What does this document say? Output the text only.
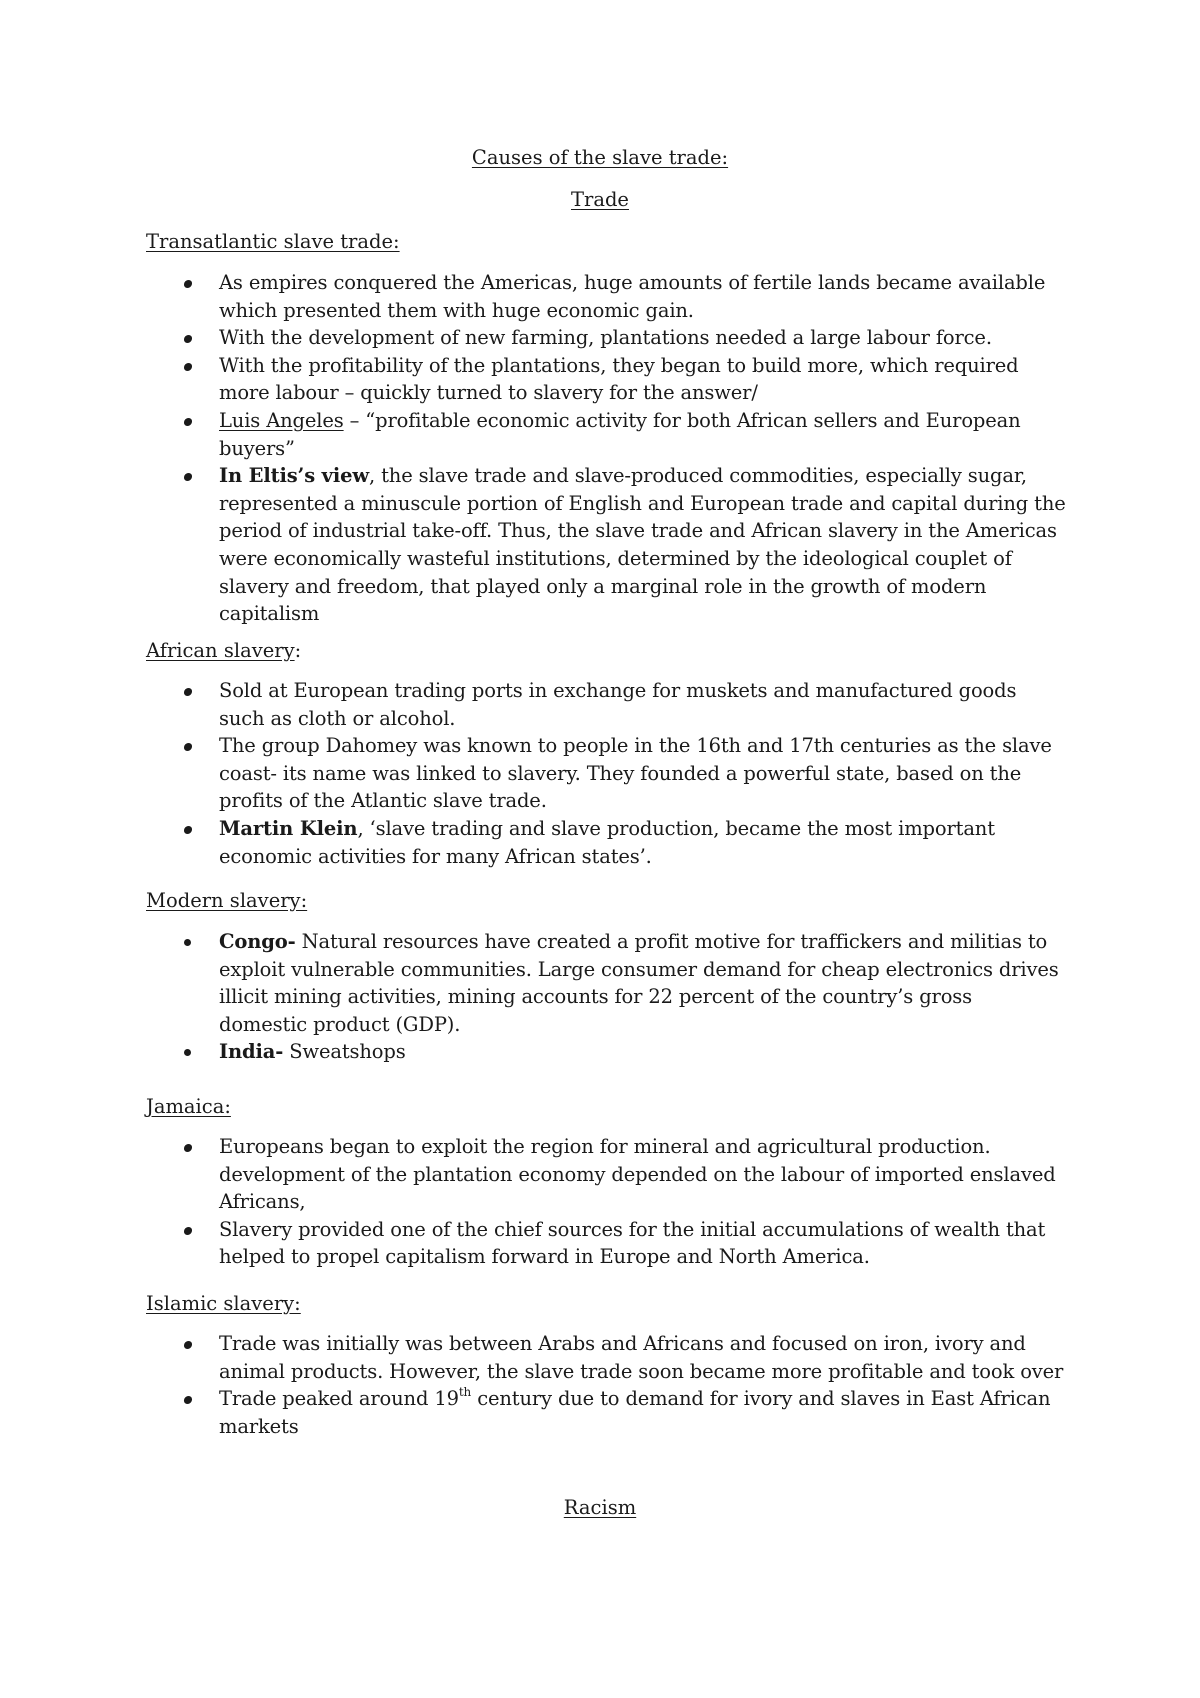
Causes of the slave trade:
Trade
Transatlantic slave trade:
As empires conquered the Americas, huge amounts of fertile lands became available which presented them with huge economic gain.
With the development of new farming, plantations needed a large labour force.
With the profitability of the plantations, they began to build more, which required more labour – quickly turned to slavery for the answer/
Luis Angeles – “profitable economic activity for both African sellers and European buyers”
In Eltis’s view, the slave trade and slave-produced commodities, especially sugar, represented a minuscule portion of English and European trade and capital during the period of industrial take-off. Thus, the slave trade and African slavery in the Americas were economically wasteful institutions, determined by the ideological couplet of slavery and freedom, that played only a marginal role in the growth of modern capitalism
African slavery:
Sold at European trading ports in exchange for muskets and manufactured goods such as cloth or alcohol.
The group Dahomey was known to people in the 16th and 17th centuries as the slave coast- its name was linked to slavery. They founded a powerful state, based on the profits of the Atlantic slave trade.
Martin Klein, ‘slave trading and slave production, became the most important economic activities for many African states’.
Modern slavery:
Congo- Natural resources have created a profit motive for traffickers and militias to exploit vulnerable communities. Large consumer demand for cheap electronics drives illicit mining activities, mining accounts for 22 percent of the country’s gross domestic product (GDP).
India- Sweatshops
Jamaica:
Europeans began to exploit the region for mineral and agricultural production. development of the plantation economy depended on the labour of imported enslaved Africans,
Slavery provided one of the chief sources for the initial accumulations of wealth that helped to propel capitalism forward in Europe and North America.
Islamic slavery:
Trade was initially was between Arabs and Africans and focused on iron, ivory and animal products. However, the slave trade soon became more profitable and took over
Trade peaked around 19th century due to demand for ivory and slaves in East African markets
Racism
